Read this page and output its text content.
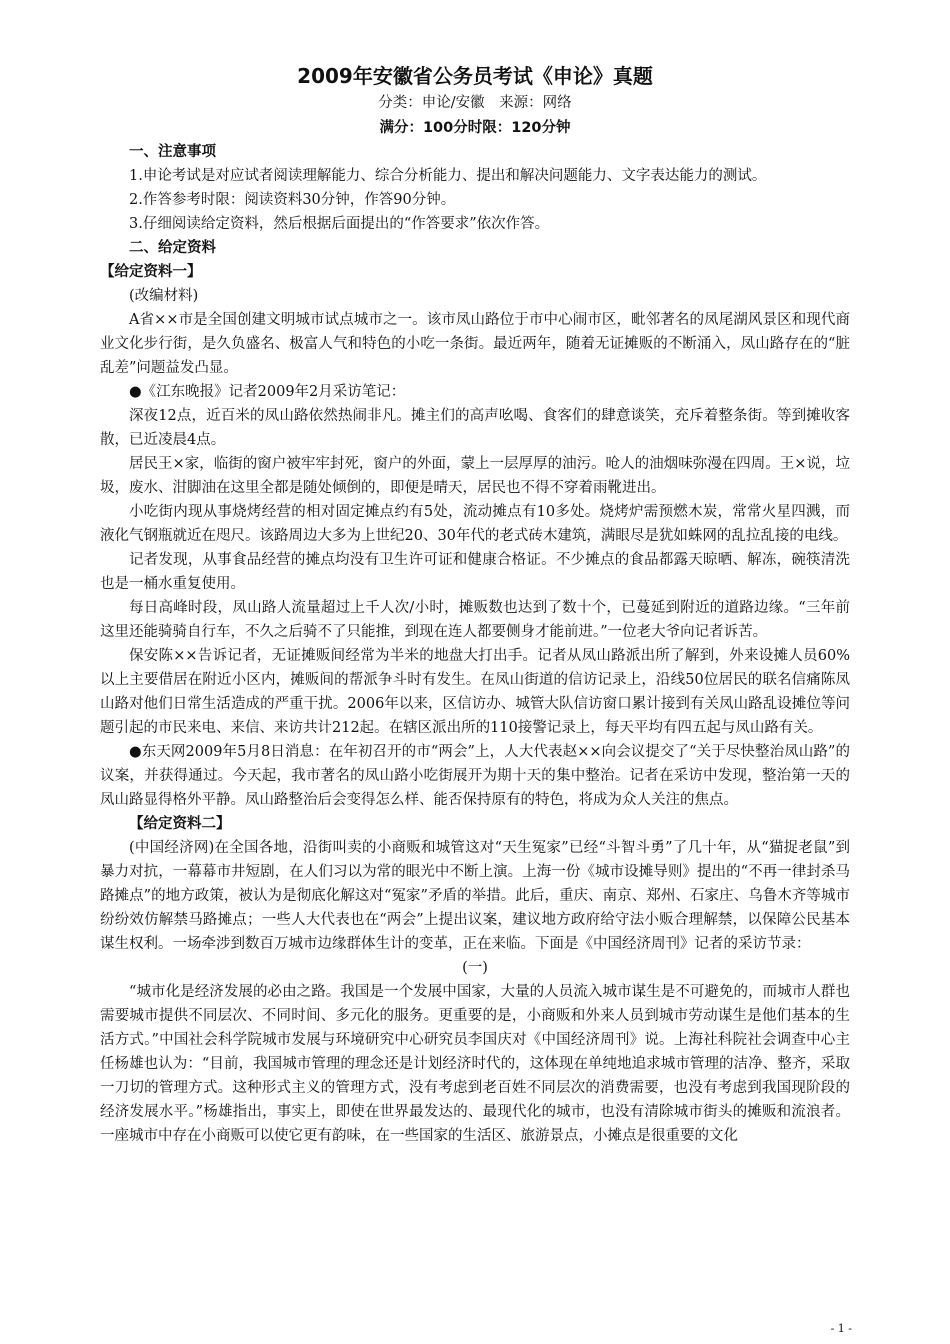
2009年安徽省公务员考试《申论》真题
分类：申论/安徽　来源：网络
满分：100分时限：120分钟

一、注意事项

1.申论考试是对应试者阅读理解能力、综合分析能力、提出和解决问题能力、文字表达能力的测试。

2.作答参考时限：阅读资料30分钟，作答90分钟。

3.仔细阅读给定资料，然后根据后面提出的“作答要求”依次作答。

二、给定资料

【给定资料一】

(改编材料)

A省××市是全国创建文明城市试点城市之一。该市凤山路位于市中心闹市区，毗邻著名的凤尾湖风景区和现代商业文化步行街，是久负盛名、极富人气和特色的小吃一条街。最近两年，随着无证摊贩的不断涌入，凤山路存在的“脏乱差”问题益发凸显。

●《江东晚报》记者2009年2月采访笔记：

深夜12点，近百米的凤山路依然热闹非凡。摊主们的高声吆喝、食客们的肆意谈笑，充斥着整条街。等到摊收客散，已近凌晨4点。

居民王×家，临街的窗户被牢牢封死，窗户的外面，蒙上一层厚厚的油污。呛人的油烟味弥漫在四周。王×说，垃圾，废水、泔脚油在这里全都是随处倾倒的，即便是晴天，居民也不得不穿着雨靴进出。

小吃街内现从事烧烤经营的相对固定摊点约有5处，流动摊点有10多处。烧烤炉需预燃木炭，常常火星四溅，而液化气钢瓶就近在咫尺。该路周边大多为上世纪20、30年代的老式砖木建筑，满眼尽是犹如蛛网的乱拉乱接的电线。

记者发现，从事食品经营的摊点均没有卫生许可证和健康合格证。不少摊点的食品都露天晾晒、解冻，碗筷清洗也是一桶水重复使用。

每日高峰时段，凤山路人流量超过上千人次/小时，摊贩数也达到了数十个，已蔓延到附近的道路边缘。“三年前这里还能骑骑自行车，不久之后骑不了只能推，到现在连人都要侧身才能前进。”一位老大爷向记者诉苦。

保安陈××告诉记者，无证摊贩间经常为半米的地盘大打出手。记者从凤山路派出所了解到，外来设摊人员60%以上主要借居在附近小区内，摊贩间的帮派争斗时有发生。在凤山街道的信访记录上，沿线50位居民的联名信痛陈凤山路对他们日常生活造成的严重干扰。2006年以来，区信访办、城管大队信访窗口累计接到有关凤山路乱设摊位等问题引起的市民来电、来信、来访共计212起。在辖区派出所的110接警记录上，每天平均有四五起与凤山路有关。

●东天网2009年5月8日消息：在年初召开的市“两会”上，人大代表赵××向会议提交了“关于尽快整治凤山路”的议案，并获得通过。今天起，我市著名的凤山路小吃街展开为期十天的集中整治。记者在采访中发现，整治第一天的凤山路显得格外平静。凤山路整治后会变得怎么样、能否保持原有的特色，将成为众人关注的焦点。

【给定资料二】

(中国经济网)在全国各地，沿街叫卖的小商贩和城管这对“天生冤家”已经“斗智斗勇”了几十年，从“猫捉老鼠”到暴力对抗，一幕幕市井短剧，在人们习以为常的眼光中不断上演。上海一份《城市设摊导则》提出的“不再一律封杀马路摊点”的地方政策，被认为是彻底化解这对“冤家”矛盾的举措。此后，重庆、南京、郑州、石家庄、乌鲁木齐等城市纷纷效仿解禁马路摊点；一些人大代表也在“两会”上提出议案，建议地方政府给守法小贩合理解禁，以保障公民基本谋生权利。一场牵涉到数百万城市边缘群体生计的变革，正在来临。下面是《中国经济周刊》记者的采访节录：

(一)

“城市化是经济发展的必由之路。我国是一个发展中国家，大量的人员流入城市谋生是不可避免的，而城市人群也需要城市提供不同层次、不同时间、多元化的服务。更重要的是，小商贩和外来人员到城市劳动谋生是他们基本的生活方式。”中国社会科学院城市发展与环境研究中心研究员李国庆对《中国经济周刊》说。上海社科院社会调查中心主任杨雄也认为：“目前，我国城市管理的理念还是计划经济时代的，这体现在单纯地追求城市管理的洁净、整齐，采取一刀切的管理方式。这种形式主义的管理方式，没有考虑到老百姓不同层次的消费需要，也没有考虑到我国现阶段的经济发展水平。”杨雄指出，事实上，即使在世界最发达的、最现代化的城市，也没有清除城市街头的摊贩和流浪者。一座城市中存在小商贩可以使它更有韵味，在一些国家的生活区、旅游景点，小摊点是很重要的文化

- 1 -
